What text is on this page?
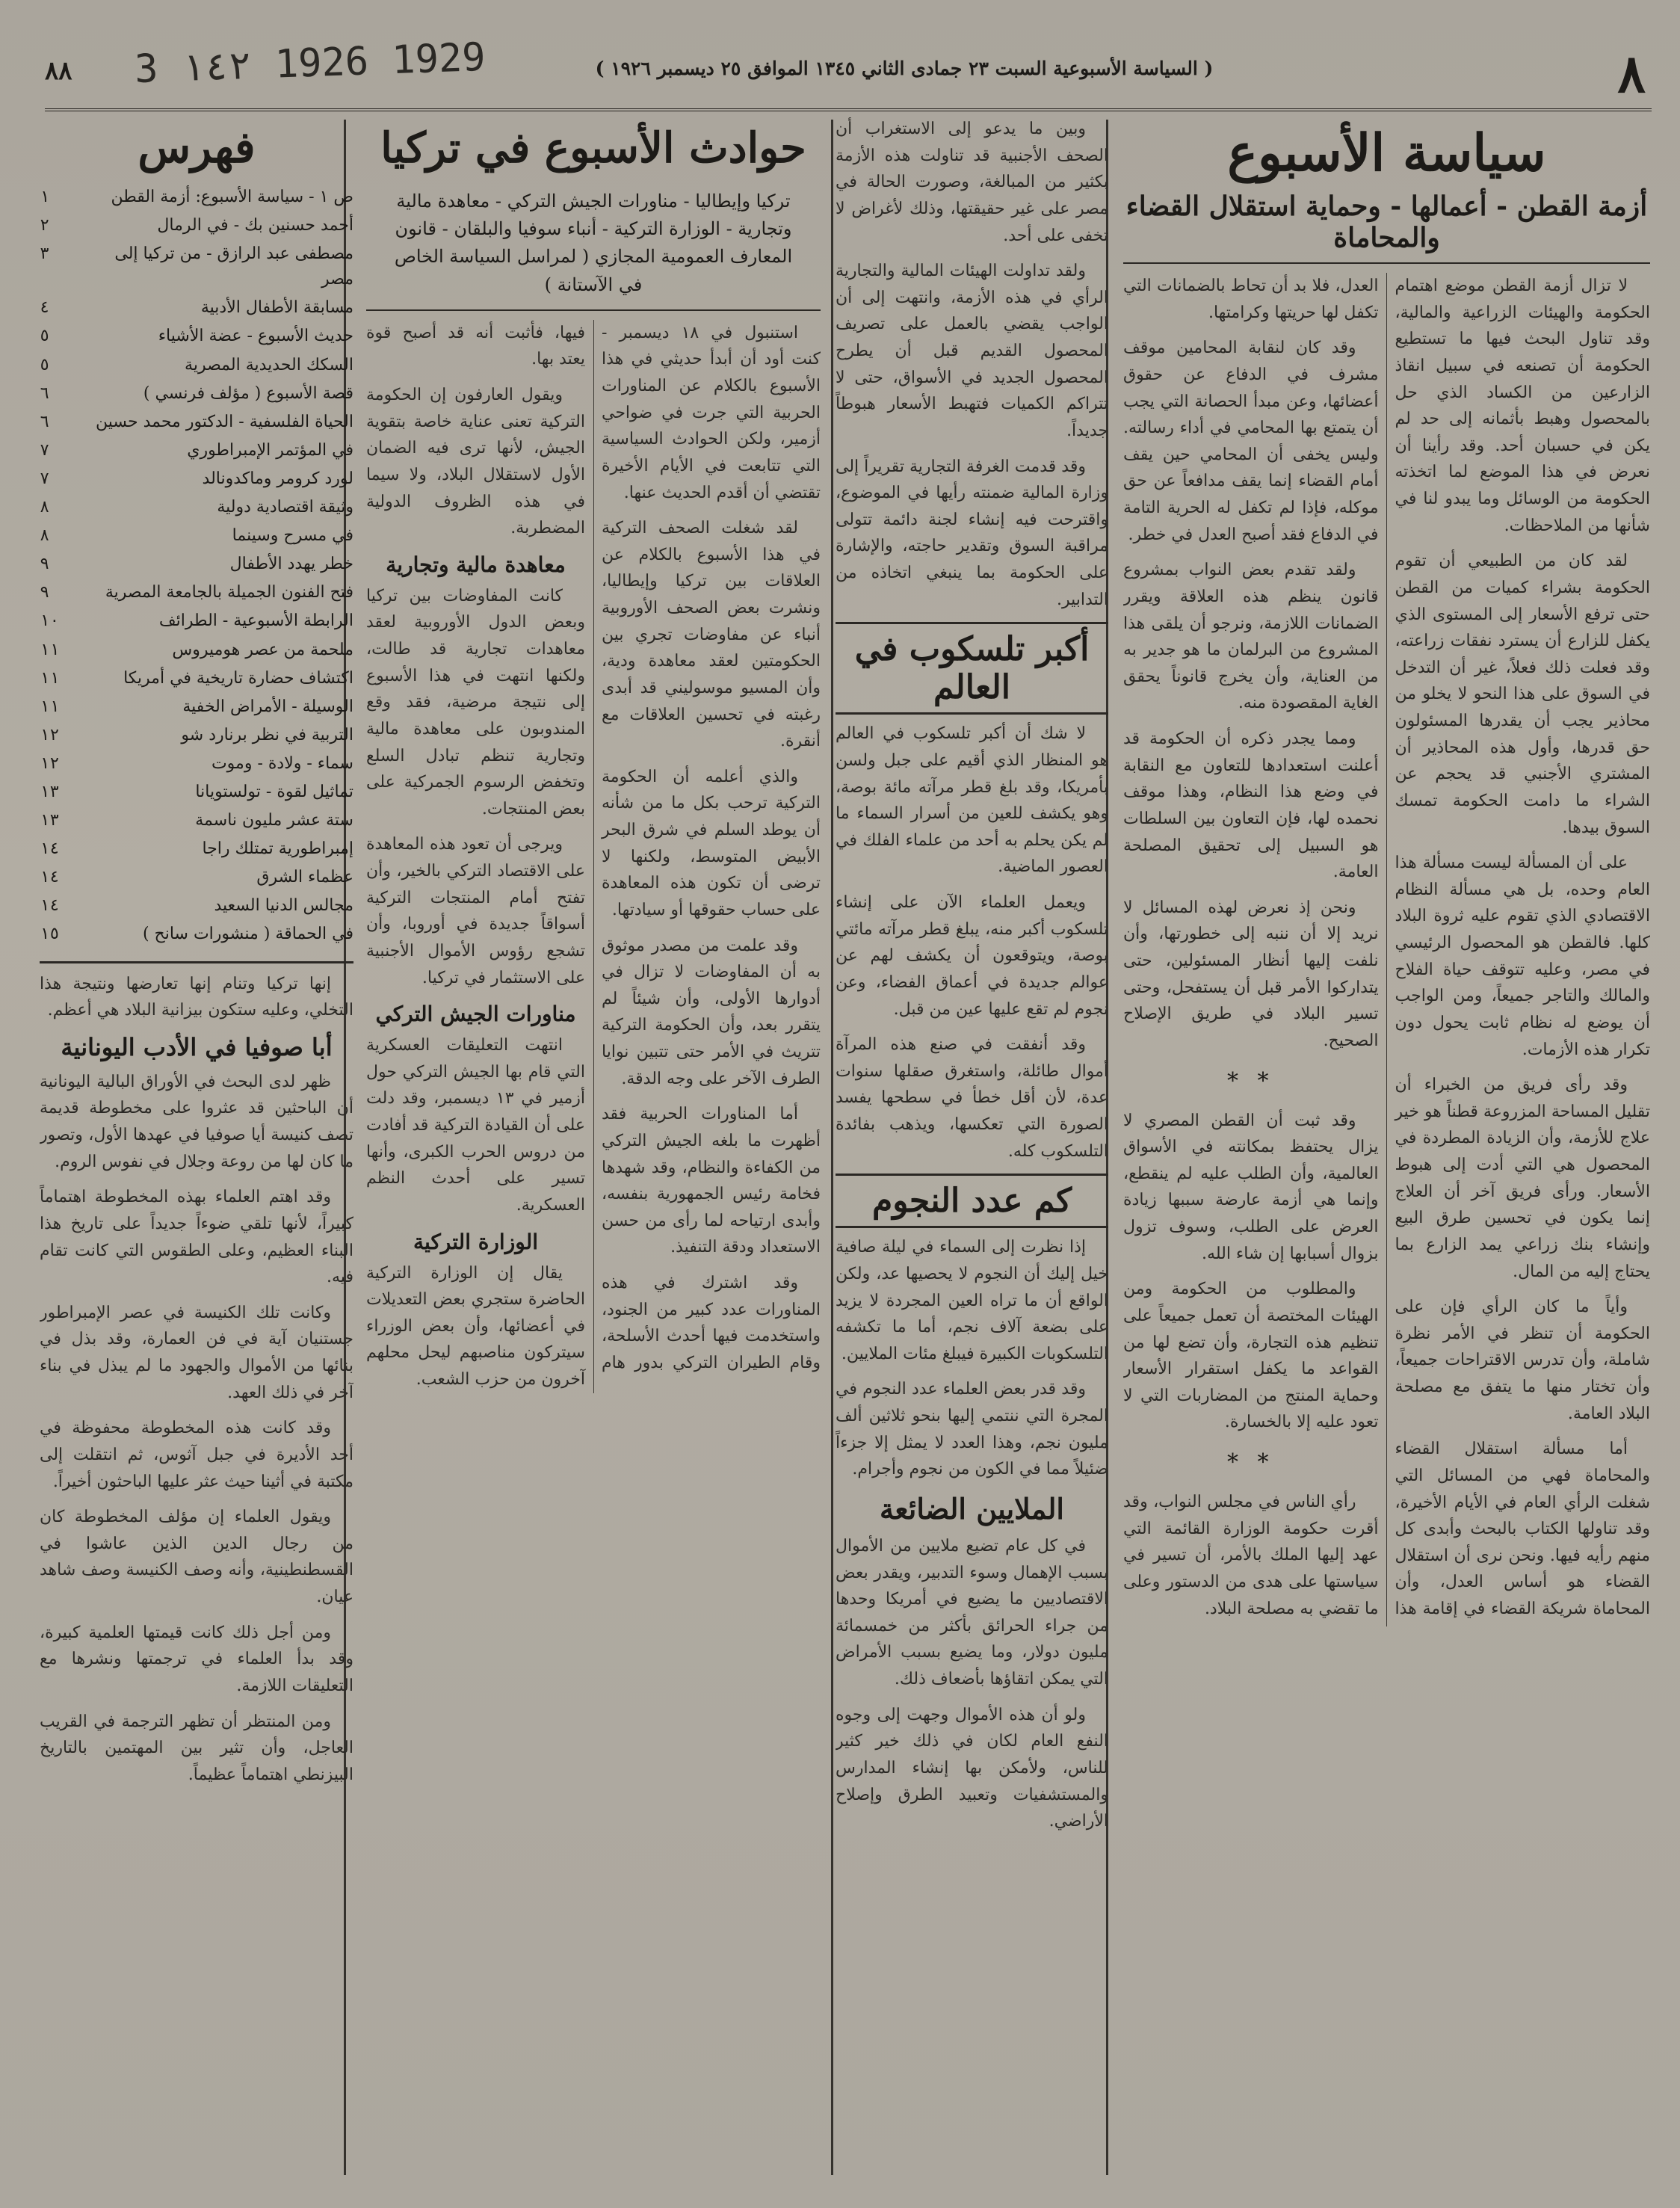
٨
( السياسة الأسبوعية السبت ٢٣ جمادى الثاني ١٣٤٥ الموافق ٢٥ ديسمبر ١٩٢٦ )
3 ١٤٢ 1926 1929
٨٨
سياسة الأسبوع
أزمة القطن - أعمالها - وحماية استقلال القضاء والمحاماة

لا تزال أزمة القطن موضع اهتمام الحكومة والهيئات الزراعية والمالية، وقد تناول البحث فيها ما تستطيع الحكومة أن تصنعه في سبيل انقاذ الزارعين من الكساد الذي حل بالمحصول وهبط بأثمانه إلى حد لم يكن في حسبان أحد. وقد رأينا أن نعرض في هذا الموضع لما اتخذته الحكومة من الوسائل وما يبدو لنا في شأنها من الملاحظات.

لقد كان من الطبيعي أن تقوم الحكومة بشراء كميات من القطن حتى ترفع الأسعار إلى المستوى الذي يكفل للزارع أن يسترد نفقات زراعته، وقد فعلت ذلك فعلاً، غير أن التدخل في السوق على هذا النحو لا يخلو من محاذير يجب أن يقدرها المسئولون حق قدرها، وأول هذه المحاذير أن المشتري الأجنبي قد يحجم عن الشراء ما دامت الحكومة تمسك السوق بيدها.

على أن المسألة ليست مسألة هذا العام وحده، بل هي مسألة النظام الاقتصادي الذي تقوم عليه ثروة البلاد كلها. فالقطن هو المحصول الرئيسي في مصر، وعليه تتوقف حياة الفلاح والمالك والتاجر جميعاً، ومن الواجب أن يوضع له نظام ثابت يحول دون تكرار هذه الأزمات.

وقد رأى فريق من الخبراء أن تقليل المساحة المزروعة قطناً هو خير علاج للأزمة، وأن الزيادة المطردة في المحصول هي التي أدت إلى هبوط الأسعار. ورأى فريق آخر أن العلاج إنما يكون في تحسين طرق البيع وإنشاء بنك زراعي يمد الزارع بما يحتاج إليه من المال.

وأياً ما كان الرأي فإن على الحكومة أن تنظر في الأمر نظرة شاملة، وأن تدرس الاقتراحات جميعاً، وأن تختار منها ما يتفق مع مصلحة البلاد العامة.

أما مسألة استقلال القضاء والمحاماة فهي من المسائل التي شغلت الرأي العام في الأيام الأخيرة، وقد تناولها الكتاب بالبحث وأبدى كل منهم رأيه فيها. ونحن نرى أن استقلال القضاء هو أساس العدل، وأن المحاماة شريكة القضاء في إقامة هذا العدل، فلا بد أن تحاط بالضمانات التي تكفل لها حريتها وكرامتها.

وقد كان لنقابة المحامين موقف مشرف في الدفاع عن حقوق أعضائها، وعن مبدأ الحصانة التي يجب أن يتمتع بها المحامي في أداء رسالته. وليس يخفى أن المحامي حين يقف أمام القضاء إنما يقف مدافعاً عن حق موكله، فإذا لم تكفل له الحرية التامة في الدفاع فقد أصبح العدل في خطر.

ولقد تقدم بعض النواب بمشروع قانون ينظم هذه العلاقة ويقرر الضمانات اللازمة، ونرجو أن يلقى هذا المشروع من البرلمان ما هو جدير به من العناية، وأن يخرج قانوناً يحقق الغاية المقصودة منه.

ومما يجدر ذكره أن الحكومة قد أعلنت استعدادها للتعاون مع النقابة في وضع هذا النظام، وهذا موقف نحمده لها، فإن التعاون بين السلطات هو السبيل إلى تحقيق المصلحة العامة.

ونحن إذ نعرض لهذه المسائل لا نريد إلا أن ننبه إلى خطورتها، وأن نلفت إليها أنظار المسئولين، حتى يتداركوا الأمر قبل أن يستفحل، وحتى تسير البلاد في طريق الإصلاح الصحيح.

* *

وقد ثبت أن القطن المصري لا يزال يحتفظ بمكانته في الأسواق العالمية، وأن الطلب عليه لم ينقطع، وإنما هي أزمة عارضة سببها زيادة العرض على الطلب، وسوف تزول بزوال أسبابها إن شاء الله.

والمطلوب من الحكومة ومن الهيئات المختصة أن تعمل جميعاً على تنظيم هذه التجارة، وأن تضع لها من القواعد ما يكفل استقرار الأسعار وحماية المنتج من المضاربات التي لا تعود عليه إلا بالخسارة.

* *

رأي الناس في مجلس النواب، وقد أقرت حكومة الوزارة القائمة التي عهد إليها الملك بالأمر، أن تسير في سياستها على هدى من الدستور وعلى ما تقضي به مصلحة البلاد.

وبين ما يدعو إلى الاستغراب أن الصحف الأجنبية قد تناولت هذه الأزمة بكثير من المبالغة، وصورت الحالة في مصر على غير حقيقتها، وذلك لأغراض لا تخفى على أحد.

ولقد تداولت الهيئات المالية والتجارية الرأي في هذه الأزمة، وانتهت إلى أن الواجب يقضي بالعمل على تصريف المحصول القديم قبل أن يطرح المحصول الجديد في الأسواق، حتى لا تتراكم الكميات فتهبط الأسعار هبوطاً جديداً.

وقد قدمت الغرفة التجارية تقريراً إلى وزارة المالية ضمنته رأيها في الموضوع، واقترحت فيه إنشاء لجنة دائمة تتولى مراقبة السوق وتقدير حاجته، والإشارة على الحكومة بما ينبغي اتخاذه من التدابير.

أكبر تلسكوب في العالم

لا شك أن أكبر تلسكوب في العالم هو المنظار الذي أقيم على جبل ولسن بأمريكا، وقد بلغ قطر مرآته مائة بوصة، وهو يكشف للعين من أسرار السماء ما لم يكن يحلم به أحد من علماء الفلك في العصور الماضية.

ويعمل العلماء الآن على إنشاء تلسكوب أكبر منه، يبلغ قطر مرآته مائتي بوصة، ويتوقعون أن يكشف لهم عن عوالم جديدة في أعماق الفضاء، وعن نجوم لم تقع عليها عين من قبل.

وقد أنفقت في صنع هذه المرآة أموال طائلة، واستغرق صقلها سنوات عدة، لأن أقل خطأ في سطحها يفسد الصورة التي تعكسها، ويذهب بفائدة التلسكوب كله.

كم عدد النجوم

إذا نظرت إلى السماء في ليلة صافية خيل إليك أن النجوم لا يحصيها عد، ولكن الواقع أن ما تراه العين المجردة لا يزيد على بضعة آلاف نجم، أما ما تكشفه التلسكوبات الكبيرة فيبلغ مئات الملايين.

وقد قدر بعض العلماء عدد النجوم في المجرة التي ننتمي إليها بنحو ثلاثين ألف مليون نجم، وهذا العدد لا يمثل إلا جزءاً ضئيلاً مما في الكون من نجوم وأجرام.

الملايين الضائعة

في كل عام تضيع ملايين من الأموال بسبب الإهمال وسوء التدبير، ويقدر بعض الاقتصاديين ما يضيع في أمريكا وحدها من جراء الحرائق بأكثر من خمسمائة مليون دولار، وما يضيع بسبب الأمراض التي يمكن اتقاؤها بأضعاف ذلك.

ولو أن هذه الأموال وجهت إلى وجوه النفع العام لكان في ذلك خير كثير للناس، ولأمكن بها إنشاء المدارس والمستشفيات وتعبيد الطرق وإصلاح الأراضي.

حوادث الأسبوع في تركيا
تركيا وإيطاليا - مناورات الجيش التركي - معاهدة مالية وتجارية - الوزارة التركية - أنباء سوفيا والبلقان - قانون المعارف العمومية المجازي ( لمراسل السياسة الخاص في الآستانة )

استنبول في ١٨ ديسمبر - كنت أود أن أبدأ حديثي في هذا الأسبوع بالكلام عن المناورات الحربية التي جرت في ضواحي أزمير، ولكن الحوادث السياسية التي تتابعت في الأيام الأخيرة تقتضي أن أقدم الحديث عنها.

لقد شغلت الصحف التركية في هذا الأسبوع بالكلام عن العلاقات بين تركيا وإيطاليا، ونشرت بعض الصحف الأوروبية أنباء عن مفاوضات تجري بين الحكومتين لعقد معاهدة ودية، وأن المسيو موسوليني قد أبدى رغبته في تحسين العلاقات مع أنقرة.

والذي أعلمه أن الحكومة التركية ترحب بكل ما من شأنه أن يوطد السلم في شرق البحر الأبيض المتوسط، ولكنها لا ترضى أن تكون هذه المعاهدة على حساب حقوقها أو سيادتها.

وقد علمت من مصدر موثوق به أن المفاوضات لا تزال في أدوارها الأولى، وأن شيئاً لم يتقرر بعد، وأن الحكومة التركية تتريث في الأمر حتى تتبين نوايا الطرف الآخر على وجه الدقة.

أما المناورات الحربية فقد أظهرت ما بلغه الجيش التركي من الكفاءة والنظام، وقد شهدها فخامة رئيس الجمهورية بنفسه، وأبدى ارتياحه لما رأى من حسن الاستعداد ودقة التنفيذ.

وقد اشترك في هذه المناورات عدد كبير من الجنود، واستخدمت فيها أحدث الأسلحة، وقام الطيران التركي بدور هام فيها، فأثبت أنه قد أصبح قوة يعتد بها.

ويقول العارفون إن الحكومة التركية تعنى عناية خاصة بتقوية الجيش، لأنها ترى فيه الضمان الأول لاستقلال البلاد، ولا سيما في هذه الظروف الدولية المضطربة.

معاهدة مالية وتجارية

كانت المفاوضات بين تركيا وبعض الدول الأوروبية لعقد معاهدات تجارية قد طالت، ولكنها انتهت في هذا الأسبوع إلى نتيجة مرضية، فقد وقع المندوبون على معاهدة مالية وتجارية تنظم تبادل السلع وتخفض الرسوم الجمركية على بعض المنتجات.

ويرجى أن تعود هذه المعاهدة على الاقتصاد التركي بالخير، وأن تفتح أمام المنتجات التركية أسواقاً جديدة في أوروبا، وأن تشجع رؤوس الأموال الأجنبية على الاستثمار في تركيا.

مناورات الجيش التركي

انتهت التعليقات العسكرية التي قام بها الجيش التركي حول أزمير في ١٣ ديسمبر، وقد دلت على أن القيادة التركية قد أفادت من دروس الحرب الكبرى، وأنها تسير على أحدث النظم العسكرية.

الوزارة التركية

يقال إن الوزارة التركية الحاضرة ستجري بعض التعديلات في أعضائها، وأن بعض الوزراء سيتركون مناصبهم ليحل محلهم آخرون من حزب الشعب.

فهرس
ص ١ - سياسة الأسبوع: أزمة القطن
١
أحمد حسنين بك - في الرمال
٢
مصطفى عبد الرازق - من تركيا إلى مصر
٣
مسابقة الأطفال الأدبية
٤
حديث الأسبوع - عضة الأشياء
٥
السكك الحديدية المصرية
٥
قصة الأسبوع ( مؤلف فرنسي )
٦
الحياة الفلسفية - الدكتور محمد حسين
٦
في المؤتمر الإمبراطوري
٧
لورد كرومر وماكدونالد
٧
وثيقة اقتصادية دولية
٨
في مسرح وسينما
٨
خطر يهدد الأطفال
٩
فتح الفنون الجميلة بالجامعة المصرية
٩
الرابطة الأسبوعية - الطرائف
١٠
ملحمة من عصر هوميروس
١١
اكتشاف حضارة تاريخية في أمريكا
١١
الوسيلة - الأمراض الخفية
١١
التربية في نظر برنارد شو
١٢
سماء - ولادة - وموت
١٢
تماثيل لقوة - تولستويانا
١٣
ستة عشر مليون ناسمة
١٣
إمبراطورية تمتلك راجا
١٤
عظماء الشرق
١٤
مجالس الدنيا السعيد
١٤
في الحماقة ( منشورات سانح )
١٥

إنها تركيا وتنام إنها تعارضها ونتيجة هذا التخلي، وعليه ستكون بيزانية البلاد هي أعظم.

أبا صوفيا في الأدب اليونانية

ظهر لدى البحث في الأوراق البالية اليونانية أن الباحثين قد عثروا على مخطوطة قديمة تصف كنيسة أيا صوفيا في عهدها الأول، وتصور ما كان لها من روعة وجلال في نفوس الروم.

وقد اهتم العلماء بهذه المخطوطة اهتماماً كبيراً، لأنها تلقي ضوءاً جديداً على تاريخ هذا البناء العظيم، وعلى الطقوس التي كانت تقام فيه.

وكانت تلك الكنيسة في عصر الإمبراطور جستنيان آية في فن العمارة، وقد بذل في بنائها من الأموال والجهود ما لم يبذل في بناء آخر في ذلك العهد.

وقد كانت هذه المخطوطة محفوظة في أحد الأديرة في جبل آثوس، ثم انتقلت إلى مكتبة في أثينا حيث عثر عليها الباحثون أخيراً.

ويقول العلماء إن مؤلف المخطوطة كان من رجال الدين الذين عاشوا في القسطنطينية، وأنه وصف الكنيسة وصف شاهد عيان.

ومن أجل ذلك كانت قيمتها العلمية كبيرة، وقد بدأ العلماء في ترجمتها ونشرها مع التعليقات اللازمة.

ومن المنتظر أن تظهر الترجمة في القريب العاجل، وأن تثير بين المهتمين بالتاريخ البيزنطي اهتماماً عظيماً.
